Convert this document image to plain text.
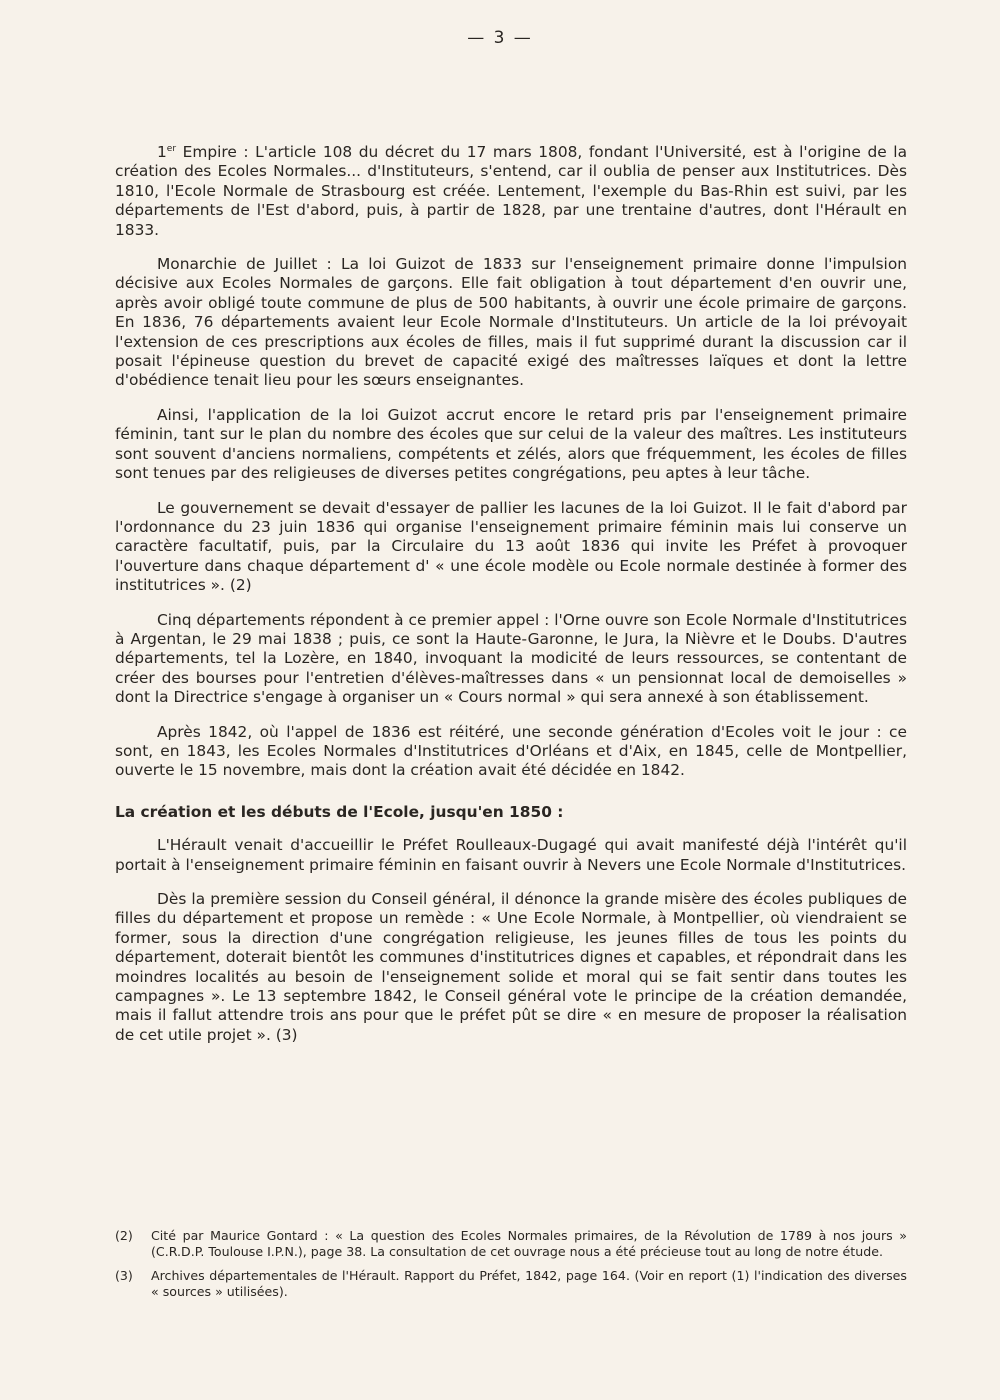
— 3 —

1er Empire : L'article 108 du décret du 17 mars 1808, fondant l'Université, est à l'origine de la création des Ecoles Normales... d'Instituteurs, s'entend, car il oublia de penser aux Institutrices. Dès 1810, l'Ecole Normale de Strasbourg est créée. Lentement, l'exemple du Bas-Rhin est suivi, par les départements de l'Est d'abord, puis, à partir de 1828, par une trentaine d'autres, dont l'Hérault en 1833.

Monarchie de Juillet : La loi Guizot de 1833 sur l'enseignement primaire donne l'impulsion décisive aux Ecoles Normales de garçons. Elle fait obligation à tout département d'en ouvrir une, après avoir obligé toute commune de plus de 500 habitants, à ouvrir une école primaire de garçons. En 1836, 76 départements avaient leur Ecole Normale d'Instituteurs. Un article de la loi prévoyait l'extension de ces prescriptions aux écoles de filles, mais il fut supprimé durant la discussion car il posait l'épineuse question du brevet de capacité exigé des maîtresses laïques et dont la lettre d'obédience tenait lieu pour les sœurs enseignantes.

Ainsi, l'application de la loi Guizot accrut encore le retard pris par l'enseignement primaire féminin, tant sur le plan du nombre des écoles que sur celui de la valeur des maîtres. Les instituteurs sont souvent d'anciens normaliens, compétents et zélés, alors que fréquemment, les écoles de filles sont tenues par des religieuses de diverses petites congrégations, peu aptes à leur tâche.

Le gouvernement se devait d'essayer de pallier les lacunes de la loi Guizot. Il le fait d'abord par l'ordonnance du 23 juin 1836 qui organise l'enseignement primaire féminin mais lui conserve un caractère facultatif, puis, par la Circulaire du 13 août 1836 qui invite les Préfet à provoquer l'ouverture dans chaque département d' « une école modèle ou Ecole normale destinée à former des institutrices ». (2)

Cinq départements répondent à ce premier appel : l'Orne ouvre son Ecole Normale d'Institutrices à Argentan, le 29 mai 1838 ; puis, ce sont la Haute-Garonne, le Jura, la Nièvre et le Doubs. D'autres départements, tel la Lozère, en 1840, invoquant la modicité de leurs ressources, se contentant de créer des bourses pour l'entretien d'élèves-maîtresses dans « un pensionnat local de demoiselles » dont la Directrice s'engage à organiser un « Cours normal » qui sera annexé à son établissement.

Après 1842, où l'appel de 1836 est réitéré, une seconde génération d'Ecoles voit le jour : ce sont, en 1843, les Ecoles Normales d'Institutrices d'Orléans et d'Aix, en 1845, celle de Montpellier, ouverte le 15 novembre, mais dont la création avait été décidée en 1842.

La création et les débuts de l'Ecole, jusqu'en 1850 :

L'Hérault venait d'accueillir le Préfet Roulleaux-Dugagé qui avait manifesté déjà l'intérêt qu'il portait à l'enseignement primaire féminin en faisant ouvrir à Nevers une Ecole Normale d'Institutrices.

Dès la première session du Conseil général, il dénonce la grande misère des écoles publiques de filles du département et propose un remède : « Une Ecole Normale, à Montpellier, où viendraient se former, sous la direction d'une congrégation religieuse, les jeunes filles de tous les points du département, doterait bientôt les communes d'institutrices dignes et capables, et répondrait dans les moindres localités au besoin de l'enseignement solide et moral qui se fait sentir dans toutes les campagnes ». Le 13 septembre 1842, le Conseil général vote le principe de la création demandée, mais il fallut attendre trois ans pour que le préfet pût se dire « en mesure de proposer la réalisation de cet utile projet ». (3)

(2)	Cité par Maurice Gontard : « La question des Ecoles Normales primaires, de la Révolution de 1789 à nos jours » (C.R.D.P. Toulouse I.P.N.), page 38. La consultation de cet ouvrage nous a été précieuse tout au long de notre étude.
(3)	Archives départementales de l'Hérault. Rapport du Préfet, 1842, page 164. (Voir en report (1) l'indication des diverses « sources » utilisées).
